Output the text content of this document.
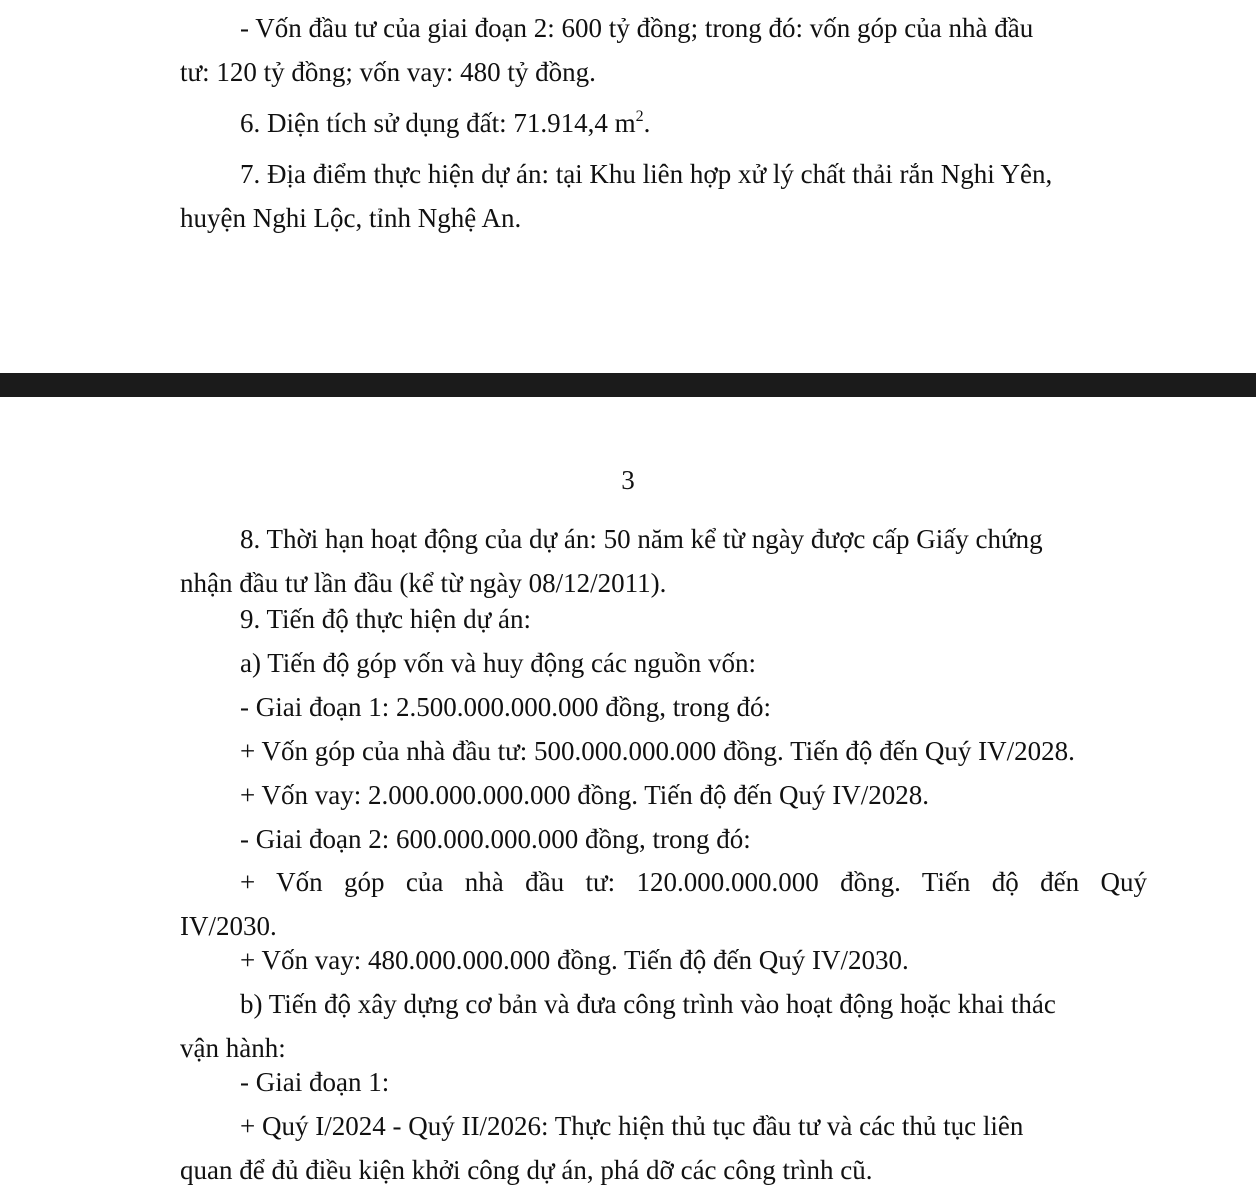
- Vốn đầu tư của giai đoạn 2: 600 tỷ đồng; trong đó: vốn góp của nhà đầu
tư: 120 tỷ đồng; vốn vay: 480 tỷ đồng.
6. Diện tích sử dụng đất: 71.914,4 $m^2$.
7. Địa điểm thực hiện dự án: tại Khu liên hợp xử lý chất thải rắn Nghi Yên,
huyện Nghi Lộc, tỉnh Nghệ An.
3
8. Thời hạn hoạt động của dự án: 50 năm kể từ ngày được cấp Giấy chứng
nhận đầu tư lần đầu (kể từ ngày 08/12/2011).
9. Tiến độ thực hiện dự án:
a) Tiến độ góp vốn và huy động các nguồn vốn:
- Giai đoạn 1: 2.500.000.000.000 đồng, trong đó:
+ Vốn góp của nhà đầu tư: 500.000.000.000 đồng. Tiến độ đến Quý IV/2028.
+ Vốn vay: 2.000.000.000.000 đồng. Tiến độ đến Quý IV/2028.
- Giai đoạn 2: 600.000.000.000 đồng, trong đó:
+ Vốn góp của nhà đầu tư: 120.000.000.000 đồng. Tiến độ đến Quý
IV/2030.
+ Vốn vay: 480.000.000.000 đồng. Tiến độ đến Quý IV/2030.
b) Tiến độ xây dựng cơ bản và đưa công trình vào hoạt động hoặc khai thác
vận hành:
- Giai đoạn 1:
+ Quý I/2024 - Quý II/2026: Thực hiện thủ tục đầu tư và các thủ tục liên
quan để đủ điều kiện khởi công dự án, phá dỡ các công trình cũ.
